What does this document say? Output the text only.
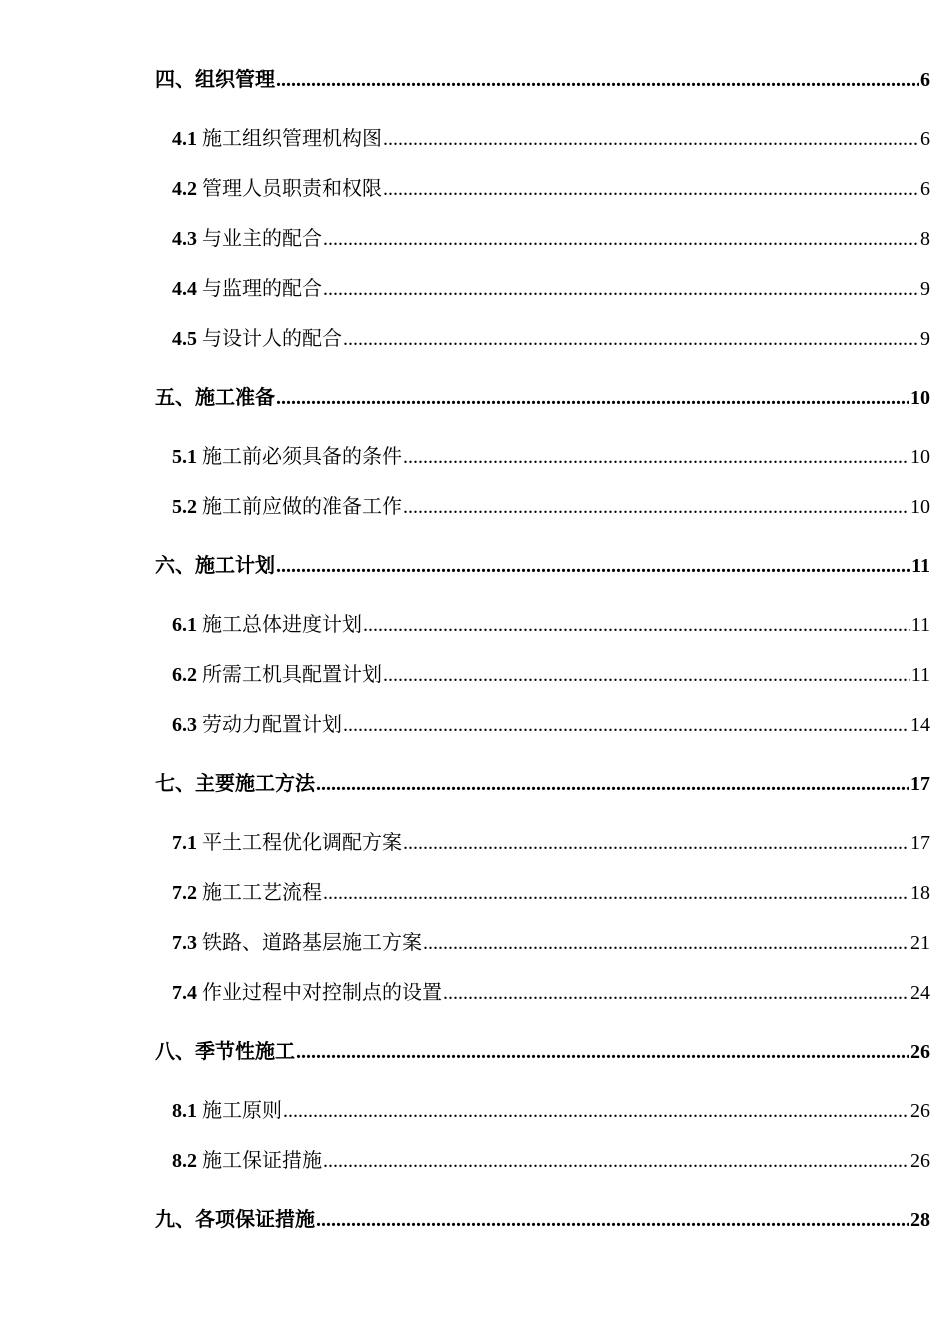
四、组织管理 .....	6
4.1 施工组织管理机构图 .....	6
4.2 管理人员职责和权限 .....	6
4.3 与业主的配合 .....	8
4.4 与监理的配合 .....	9
4.5 与设计人的配合 .....	9
五、施工准备 .....	10
5.1 施工前必须具备的条件 .....	10
5.2 施工前应做的准备工作 .....	10
六、施工计划 .....	11
6.1 施工总体进度计划 .....	11
6.2 所需工机具配置计划 .....	11
6.3 劳动力配置计划 .....	14
七、主要施工方法 .....	17
7.1 平土工程优化调配方案 .....	17
7.2 施工工艺流程 .....	18
7.3 铁路、道路基层施工方案 .....	21
7.4 作业过程中对控制点的设置 .....	24
八、季节性施工 .....	26
8.1 施工原则 .....	26
8.2 施工保证措施 .....	26
九、各项保证措施 .....	28
